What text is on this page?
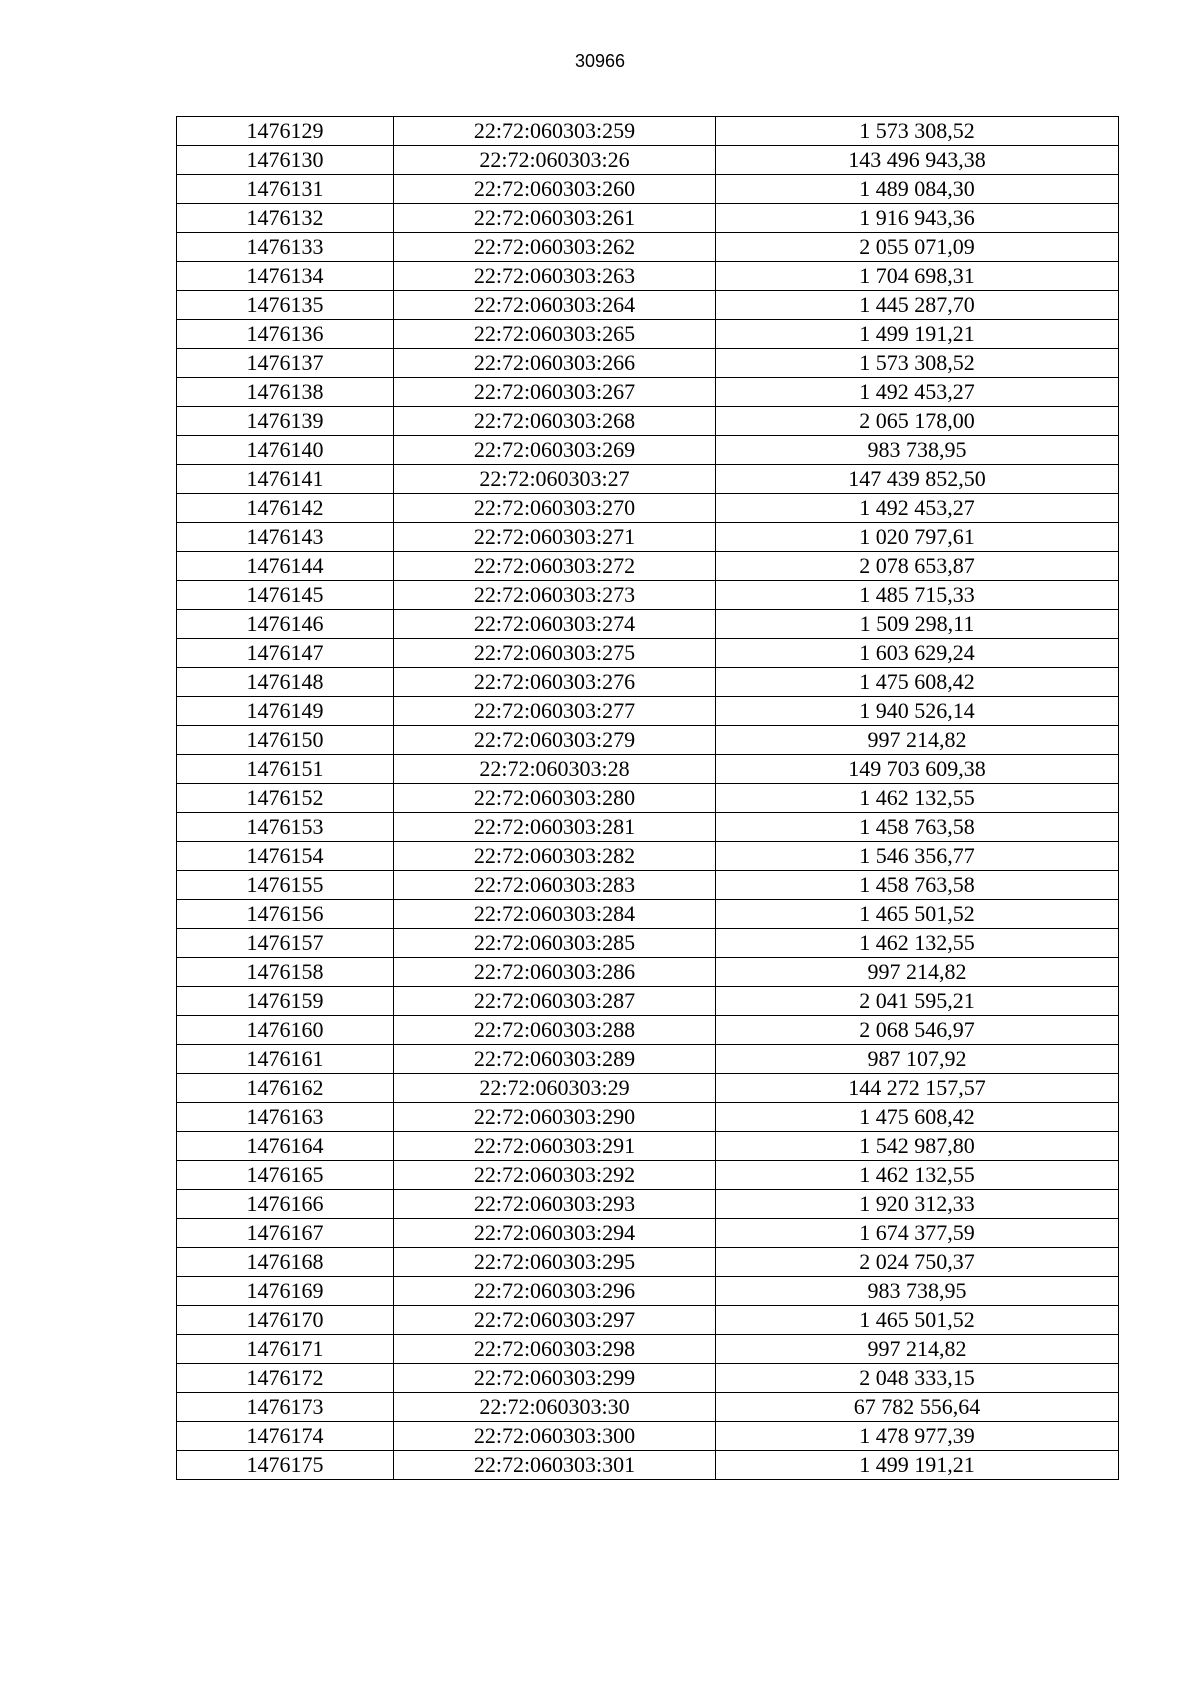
30966
1476129	22:72:060303:259	1 573 308,52
1476130	22:72:060303:26	143 496 943,38
1476131	22:72:060303:260	1 489 084,30
1476132	22:72:060303:261	1 916 943,36
1476133	22:72:060303:262	2 055 071,09
1476134	22:72:060303:263	1 704 698,31
1476135	22:72:060303:264	1 445 287,70
1476136	22:72:060303:265	1 499 191,21
1476137	22:72:060303:266	1 573 308,52
1476138	22:72:060303:267	1 492 453,27
1476139	22:72:060303:268	2 065 178,00
1476140	22:72:060303:269	983 738,95
1476141	22:72:060303:27	147 439 852,50
1476142	22:72:060303:270	1 492 453,27
1476143	22:72:060303:271	1 020 797,61
1476144	22:72:060303:272	2 078 653,87
1476145	22:72:060303:273	1 485 715,33
1476146	22:72:060303:274	1 509 298,11
1476147	22:72:060303:275	1 603 629,24
1476148	22:72:060303:276	1 475 608,42
1476149	22:72:060303:277	1 940 526,14
1476150	22:72:060303:279	997 214,82
1476151	22:72:060303:28	149 703 609,38
1476152	22:72:060303:280	1 462 132,55
1476153	22:72:060303:281	1 458 763,58
1476154	22:72:060303:282	1 546 356,77
1476155	22:72:060303:283	1 458 763,58
1476156	22:72:060303:284	1 465 501,52
1476157	22:72:060303:285	1 462 132,55
1476158	22:72:060303:286	997 214,82
1476159	22:72:060303:287	2 041 595,21
1476160	22:72:060303:288	2 068 546,97
1476161	22:72:060303:289	987 107,92
1476162	22:72:060303:29	144 272 157,57
1476163	22:72:060303:290	1 475 608,42
1476164	22:72:060303:291	1 542 987,80
1476165	22:72:060303:292	1 462 132,55
1476166	22:72:060303:293	1 920 312,33
1476167	22:72:060303:294	1 674 377,59
1476168	22:72:060303:295	2 024 750,37
1476169	22:72:060303:296	983 738,95
1476170	22:72:060303:297	1 465 501,52
1476171	22:72:060303:298	997 214,82
1476172	22:72:060303:299	2 048 333,15
1476173	22:72:060303:30	67 782 556,64
1476174	22:72:060303:300	1 478 977,39
1476175	22:72:060303:301	1 499 191,21
